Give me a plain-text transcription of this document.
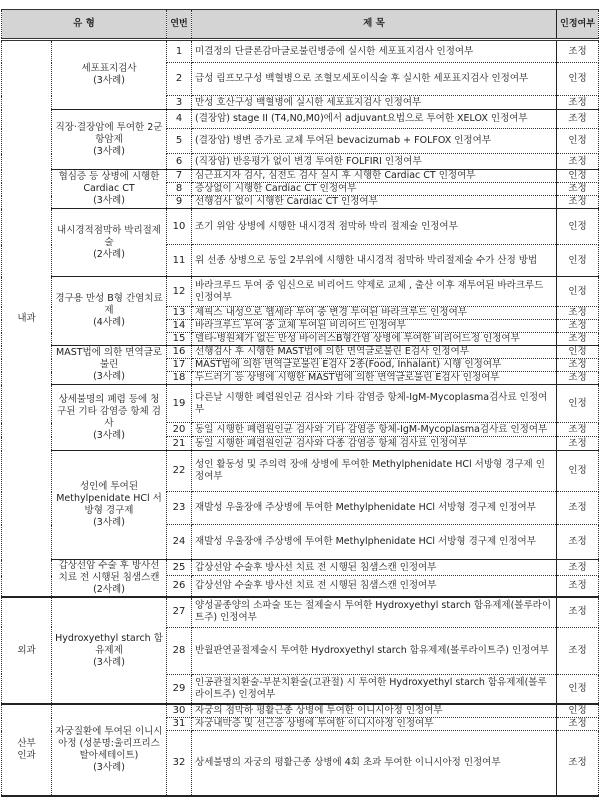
유 형		연번	제 목	인정여부
내과	세포표지검사
(3사례)	1	미결정의 단클론감마글로불린병증에 실시한 세포표지검사 인정여부	조정
		2	급성 림프모구성 백혈병으로 조혈모세포이식술 후 실시한 세포표지검사 인정여부	인정
		3	만성 호산구성 백혈병에 실시한 세포표지검사 인정여부	조정

	직장·결장암에 투여한 2군 항암제
(3사례)	4	(결장암) stage II (T4,N0,M0)에서 adjuvant요법으로 투여한 XELOX 인정여부	조정
		5	(결장암) 병변 증가로 교체 투여된 bevacizumab + FOLFOX 인정여부	인정
		6	(직장암) 반응평가 없이 변경 투여한 FOLFIRI 인정여부	조정

	협심증 등 상병에 시행한 Cardiac CT
(3사례)	7	심근표지자 검사, 심전도 검사 실시 후 시행한 Cardiac CT 인정여부	인정
		8	증상없이 시행한 Cardiac CT 인정여부	조정
		9	선행검사 없이 시행한 Cardiac CT 인정여부	조정

	내시경적점막하 박리절제술
(2사례)	10	조기 위암 상병에 시행한 내시경적 점막하 박리 절제술 인정여부	인정
		11	위 선종 상병으로 동일 2부위에 시행한 내시경적 점막하 박리절제술 수가 산정 방법	인정

	경구용 만성 B형 간염치료제
(4사례)	12	바라크루드 투여 중 임신으로 비리어드 약제로 교체 , 출산 이후 재투여된 바라크루드 인정여부	인정
		13	제픽스 내성으로 헵세라 투여 중 변경 투여된 바라크루드 인정여부	조정
		14	바라크루드 투여 중 교체 투여된 비리어드 인정여부	조정
		15	델타-병원체가 없는 만성 바이러스B형간염 상병에 투여한 비리어드정 인정여부	조정

	MAST법에 의한 면역글로불린
(3사례)	16	선행검사 후 시행한 MAST법에 의한 면역글로불린 E검사 인정여부	인정
		17	MAST법에 의한 면역글로불린 E검사 2종(Food, Inhalant) 시행 인정여부	조정
		18	두드러기 등 상병에 시행한 MAST법에 의한 면역글로불린 E검사 인정여부	조정

	상세불명의 폐렴 등에 청구된 기타 감염증 항체 검사
(3사례)	19	다른날 시행한 폐렴원인균 검사와 기타 감염증 항체-IgM-Mycoplasma검사료 인정여부	인정
		20	동일 시행한 폐렴원인균 검사와 기타 감염증 항체-IgM-Mycoplasma검사료 인정여부	조정
		21	동일 시행한 폐렴원인균 검사와 다종 감염증 항체 검사료 인정여부	조정

	성인에 투여된 Methylpenidate HCl 서방형 경구제
(3사례)	22	성인 활동성 및 주의력 장애 상병에 투여한 Methylphenidate HCl 서방형 경구제 인정여부	인정
		23	재발성 우울장애 주상병에 투여한 Methylphenidate HCl 서방형 경구제 인정여부	조정
		24	재발성 우울장애 주상병에 투여한 Methylphenidate HCl 서방형 경구제 인정여부	조정

	갑상선암 수술 후 방사선 치료 전 시행된 침샘스캔
(2사례)	25	갑상선암 수술후 방사선 치료 전 시행된 침샘스캔 인정여부	조정
		26	갑상선암 수술후 방사선 치료 전 시행된 침샘스캔 인정여부	조정
외과	Hydroxyethyl starch 함유제제
(3사례)	27	양성골종양의 소파술 또는 절제술시 투여한 Hydroxyethyl starch 함유제제(볼루라이트주) 인정여부	조정
		28	반월판연골절제술시 투여한 Hydroxyethyl starch 함유제제(볼루라이트주) 인정여부	조정
		29	인공관절치환술-부분치환술(고관절) 시 투여한 Hydroxyethyl starch 함유제제(볼루라이트주) 인정여부	인정
산부인과	자궁질환에 투여된 이니시아정 (성분명:울리프리스탈아세테이트)
(3사례)	30	자궁의 점막하 평활근종 상병에 투여한 이니시아정 인정여부	인정
		31	자궁내막증 및 선근증 상병에 투여한 이니시아정 인정여부	조정
		32	상세불명의 자궁의 평활근종 상병에 4회 초과 투여한 이니시아정 인정여부	조정
